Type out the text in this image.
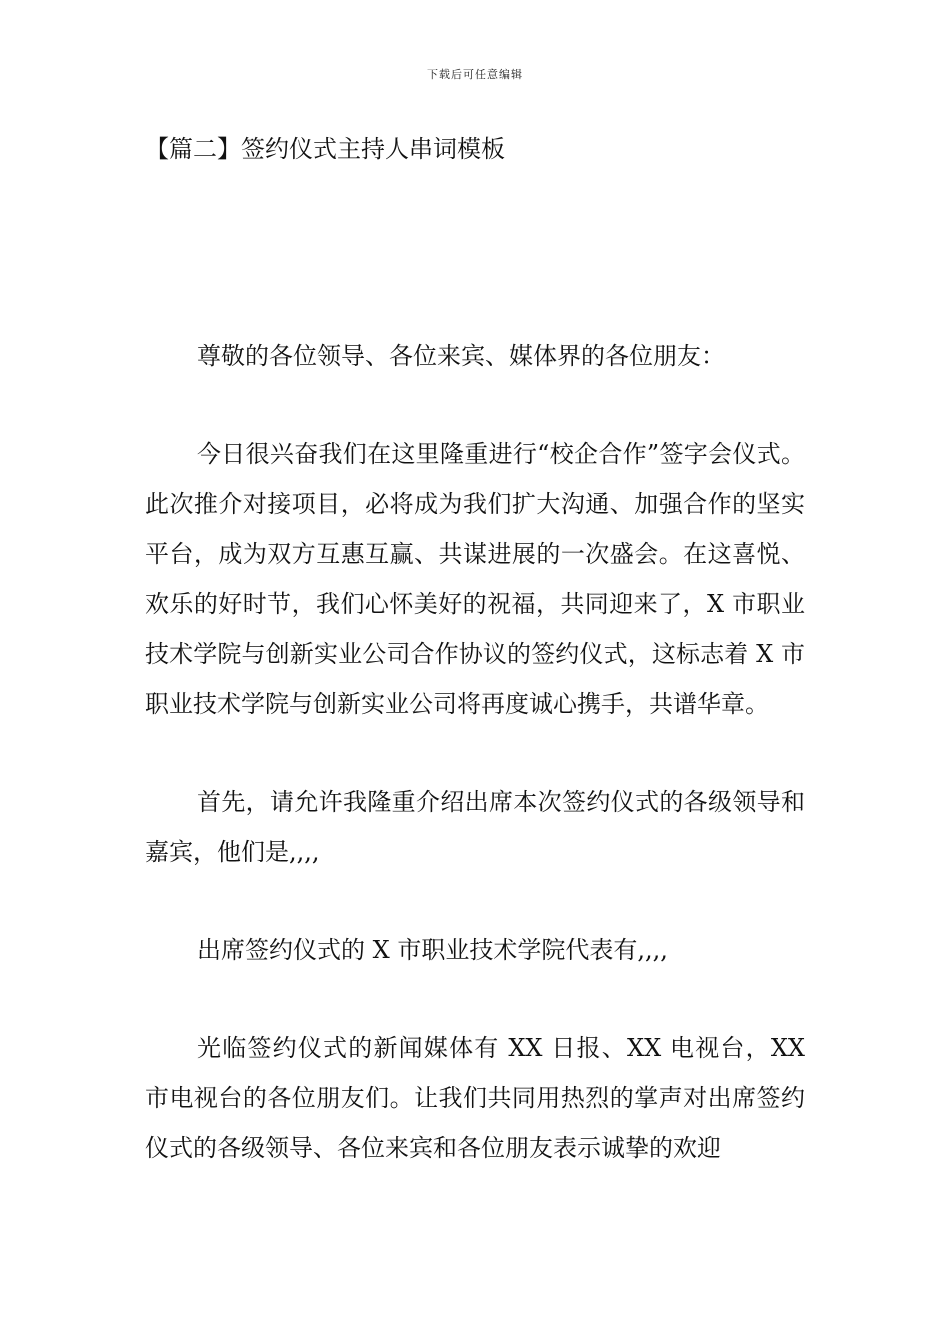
下载后可任意编辑
【篇二】签约仪式主持人串词模板

尊敬的各位领导、各位来宾、媒体界的各位朋友：

今日很兴奋我们在这里隆重进行“校企合作”签字会仪式。此次推介对接项目，必将成为我们扩大沟通、加强合作的坚实平台，成为双方互惠互赢、共谋进展的一次盛会。在这喜悦、欢乐的好时节，我们心怀美好的祝福，共同迎来了，X 市职业技术学院与创新实业公司合作协议的签约仪式，这标志着 X 市职业技术学院与创新实业公司将再度诚心携手，共谱华章。

首先，请允许我隆重介绍出席本次签约仪式的各级领导和嘉宾，他们是,,,,

出席签约仪式的 X 市职业技术学院代表有,,,,

光临签约仪式的新闻媒体有 XX 日报、XX 电视台，XX 市电视台的各位朋友们。让我们共同用热烈的掌声对出席签约仪式的各级领导、各位来宾和各位朋友表示诚挚的欢迎
